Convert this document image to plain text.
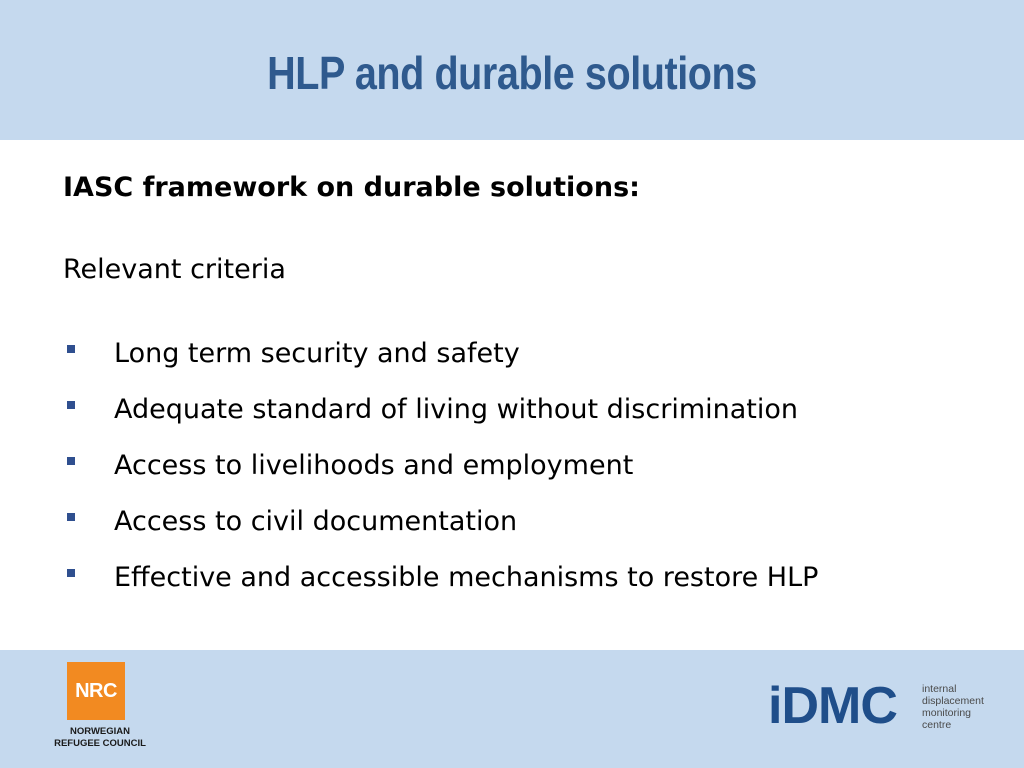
HLP and durable solutions
IASC framework on durable solutions:
Relevant criteria
Long term security and safety
Adequate standard of living without discrimination
Access to livelihoods and employment
Access to civil documentation
Effective and accessible mechanisms to restore HLP
NRC
NORWEGIAN
REFUGEE COUNCIL
iDMC internal
displacement
monitoring
centre
